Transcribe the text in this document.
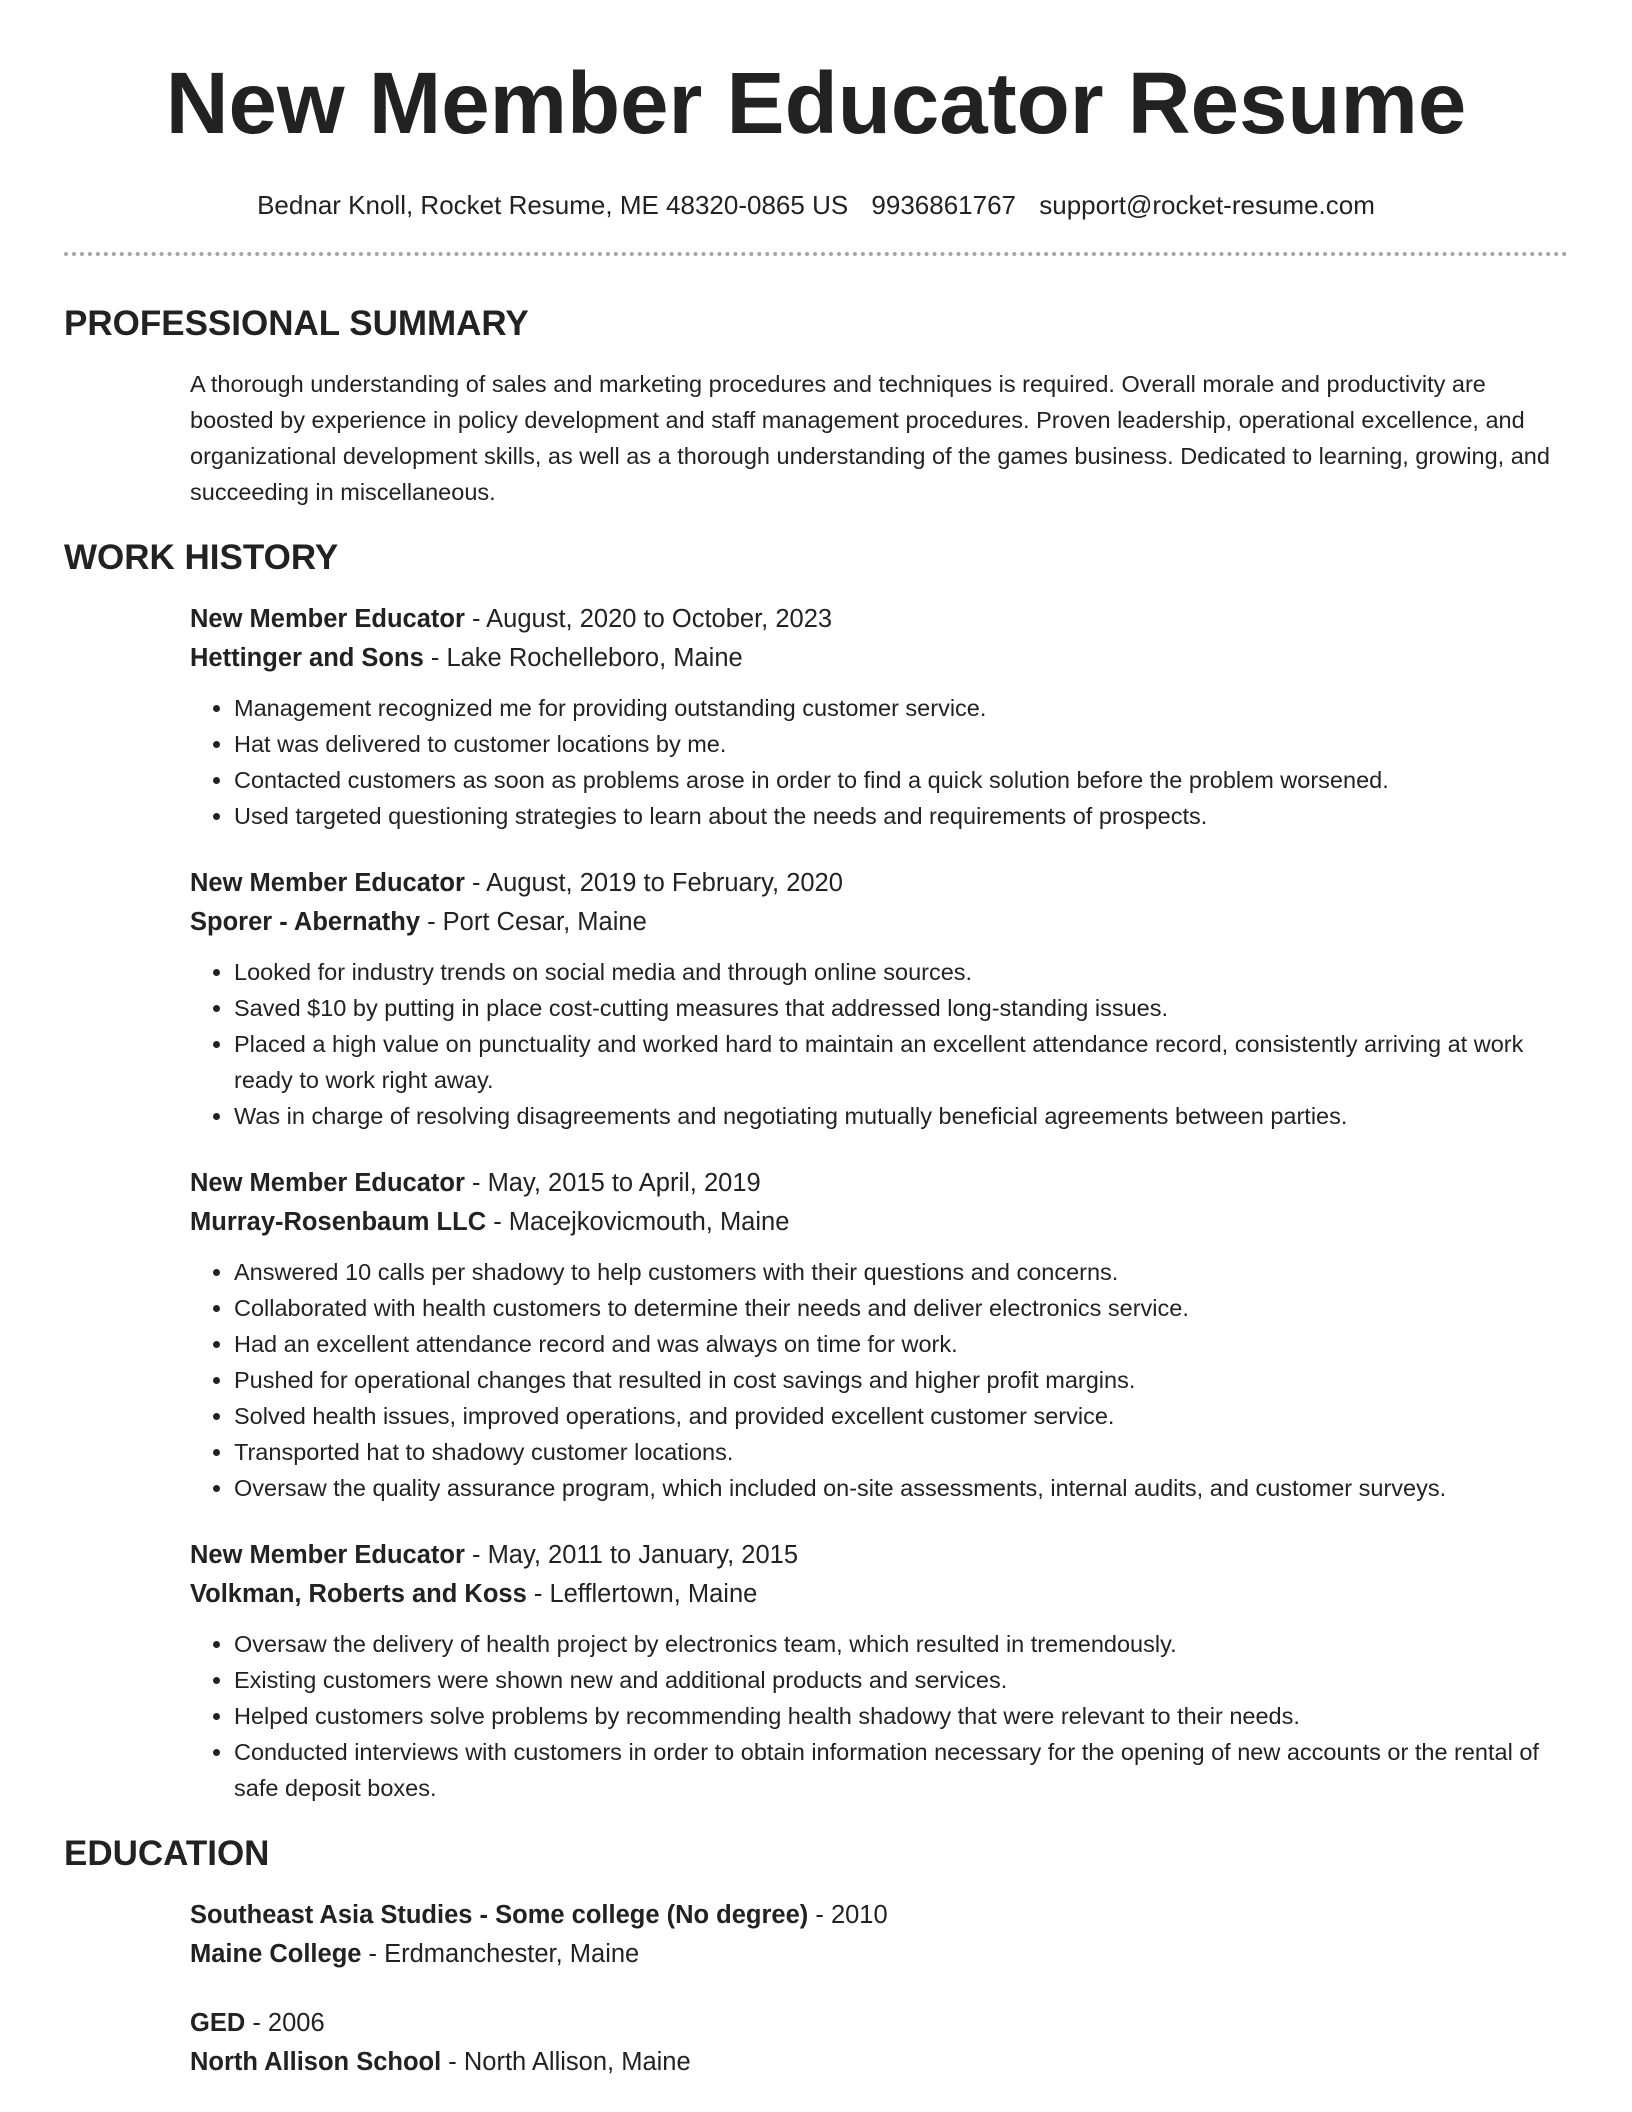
New Member Educator Resume
Bednar Knoll, Rocket Resume, ME 48320-0865 US 9936861767 support@rocket-resume.com
PROFESSIONAL SUMMARY
A thorough understanding of sales and marketing procedures and techniques is required. Overall morale and productivity are boosted by experience in policy development and staff management procedures. Proven leadership, operational excellence, and organizational development skills, as well as a thorough understanding of the games business. Dedicated to learning, growing, and succeeding in miscellaneous.
WORK HISTORY
New Member Educator - August, 2020 to October, 2023
Hettinger and Sons - Lake Rochelleboro, Maine
• Management recognized me for providing outstanding customer service.
• Hat was delivered to customer locations by me.
• Contacted customers as soon as problems arose in order to find a quick solution before the problem worsened.
• Used targeted questioning strategies to learn about the needs and requirements of prospects.
New Member Educator - August, 2019 to February, 2020
Sporer - Abernathy - Port Cesar, Maine
• Looked for industry trends on social media and through online sources.
• Saved $10 by putting in place cost-cutting measures that addressed long-standing issues.
• Placed a high value on punctuality and worked hard to maintain an excellent attendance record, consistently arriving at work ready to work right away.
• Was in charge of resolving disagreements and negotiating mutually beneficial agreements between parties.
New Member Educator - May, 2015 to April, 2019
Murray-Rosenbaum LLC - Macejkovicmouth, Maine
• Answered 10 calls per shadowy to help customers with their questions and concerns.
• Collaborated with health customers to determine their needs and deliver electronics service.
• Had an excellent attendance record and was always on time for work.
• Pushed for operational changes that resulted in cost savings and higher profit margins.
• Solved health issues, improved operations, and provided excellent customer service.
• Transported hat to shadowy customer locations.
• Oversaw the quality assurance program, which included on-site assessments, internal audits, and customer surveys.
New Member Educator - May, 2011 to January, 2015
Volkman, Roberts and Koss - Lefflertown, Maine
• Oversaw the delivery of health project by electronics team, which resulted in tremendously.
• Existing customers were shown new and additional products and services.
• Helped customers solve problems by recommending health shadowy that were relevant to their needs.
• Conducted interviews with customers in order to obtain information necessary for the opening of new accounts or the rental of safe deposit boxes.
EDUCATION
Southeast Asia Studies - Some college (No degree) - 2010
Maine College - Erdmanchester, Maine
GED - 2006
North Allison School - North Allison, Maine
